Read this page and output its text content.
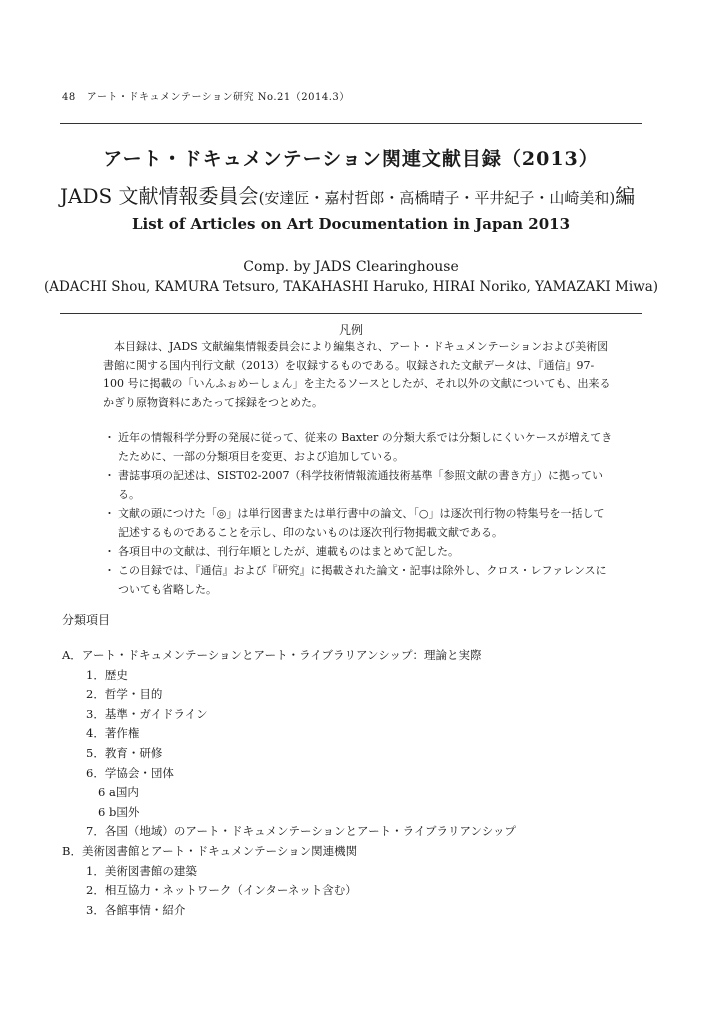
48 アート・ドキュメンテーション研究 No.21（2014.3）
アート・ドキュメンテーション関連文献目録（2013）
JADS 文献情報委員会(安達匠・嘉村哲郎・高橋晴子・平井紀子・山崎美和)編
List of Articles on Art Documentation in Japan 2013
Comp. by JADS Clearinghouse
(ADACHI Shou, KAMURA Tetsuro, TAKAHASHI Haruko, HIRAI Noriko, YAMAZAKI Miwa)
凡例

本目録は、JADS 文献編集情報委員会により編集され、アート・ドキュメンテーションおよび美術図書館に関する国内刊行文献（2013）を収録するものである。収録された文献データは、『通信』97-100 号に掲載の「いんふぉめーしょん」を主たるソースとしたが、それ以外の文献についても、出来るかぎり原物資料にあたって採録をつとめた。

・ 近年の情報科学分野の発展に従って、従来の Baxter の分類大系では分類しにくいケースが増えてきたために、一部の分類項目を変更、および追加している。
・ 書誌事項の記述は、SIST02-2007（科学技術情報流通技術基準「参照文献の書き方」）に拠っている。
・ 文献の頭につけた「◎」は単行図書または単行書中の論文、「○」は逐次刊行物の特集号を一括して記述するものであることを示し、印のないものは逐次刊行物掲載文献である。
・ 各項目中の文献は、刊行年順としたが、連載ものはまとめて記した。
・ この目録では、『通信』および『研究』に掲載された論文・記事は除外し、クロス・レファレンスについても省略した。
分類項目
A．アート・ドキュメンテーションとアート・ライブラリアンシップ：理論と実際
1．歴史
2．哲学・目的
3．基準・ガイドライン
4．著作権
5．教育・研修
6．学協会・団体
6 a国内
6 b国外
7．各国（地域）のアート・ドキュメンテーションとアート・ライブラリアンシップ
B．美術図書館とアート・ドキュメンテーション関連機関
1．美術図書館の建築
2．相互協力・ネットワーク（インターネット含む）
3．各館事情・紹介
